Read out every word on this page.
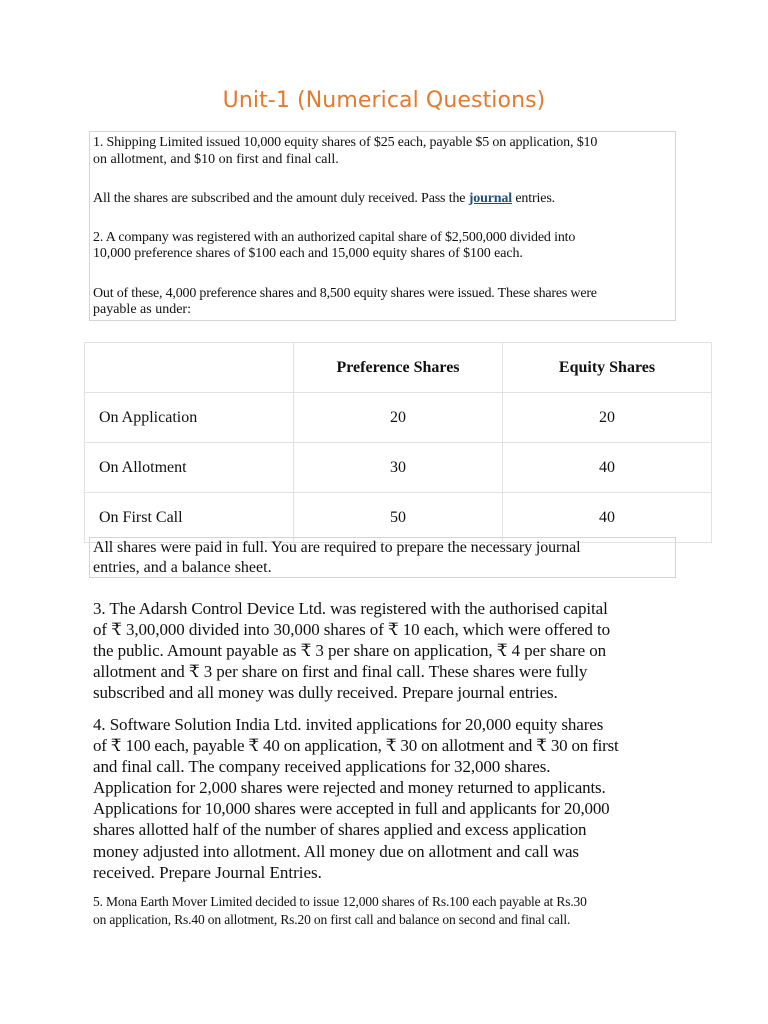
Unit-1 (Numerical Questions)
1. Shipping Limited issued 10,000 equity shares of $25 each, payable $5 on application, $10
on allotment, and $10 on first and final call.
All the shares are subscribed and the amount duly received. Pass the journal entries.
2. A company was registered with an authorized capital share of $2,500,000 divided into
10,000 preference shares of $100 each and 15,000 equity shares of $100 each.
Out of these, 4,000 preference shares and 8,500 equity shares were issued. These shares were
payable as under:
	Preference Shares	Equity Shares
On Application	20	20
On Allotment	30	40
On First Call	50	40
All shares were paid in full. You are required to prepare the necessary journal
entries, and a balance sheet.
3. The Adarsh Control Device Ltd. was registered with the authorised capital
of ₹ 3,00,000 divided into 30,000 shares of ₹ 10 each, which were offered to
the public. Amount payable as ₹ 3 per share on application, ₹ 4 per share on
allotment and ₹ 3 per share on first and final call. These shares were fully
subscribed and all money was dully received. Prepare journal entries.
4. Software Solution India Ltd. invited applications for 20,000 equity shares
of ₹ 100 each, payable ₹ 40 on application, ₹ 30 on allotment and ₹ 30 on first
and final call. The company received applications for 32,000 shares.
Application for 2,000 shares were rejected and money returned to applicants.
Applications for 10,000 shares were accepted in full and applicants for 20,000
shares allotted half of the number of shares applied and excess application
money adjusted into allotment. All money due on allotment and call was
received. Prepare Journal Entries.
5. Mona Earth Mover Limited decided to issue 12,000 shares of Rs.100 each payable at Rs.30
on application, Rs.40 on allotment, Rs.20 on first call and balance on second and final call.
